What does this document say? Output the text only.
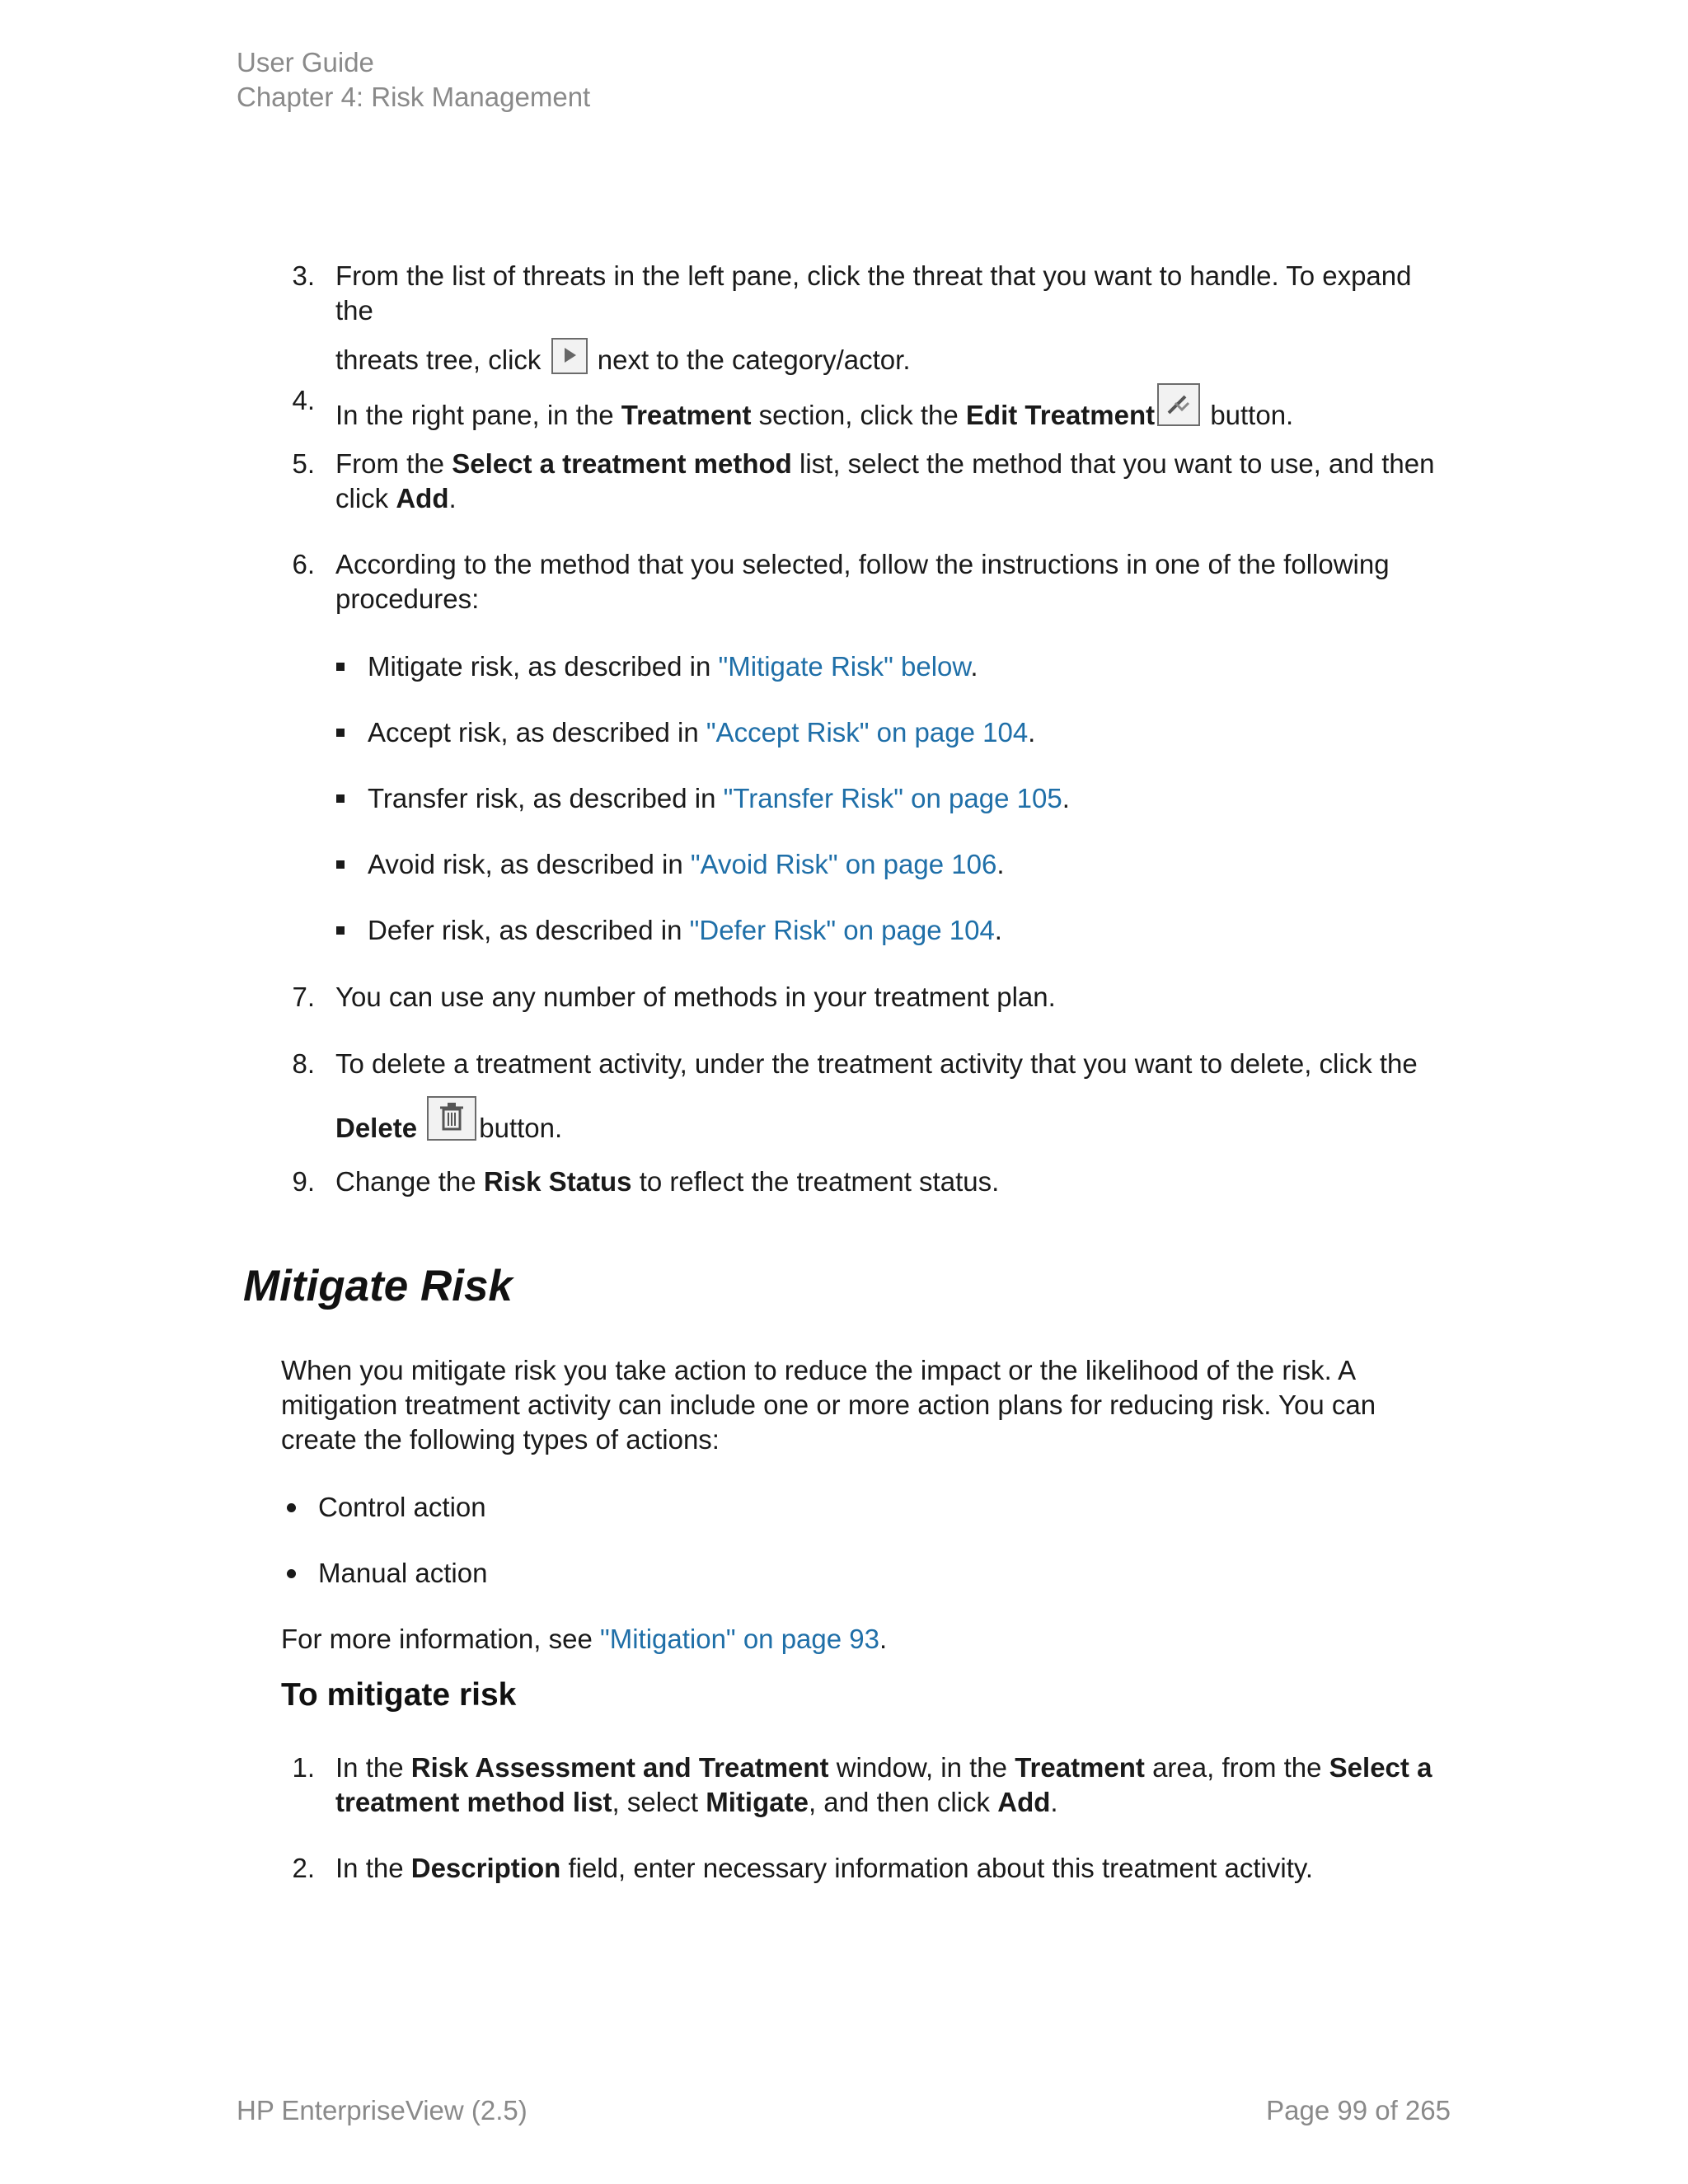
User Guide
Chapter 4: Risk Management
3. From the list of threats in the left pane, click the threat that you want to handle. To expand the
threats tree, click next to the category/actor.
4. In the right pane, in the Treatment section, click the Edit Treatment button.
5. From the Select a treatment method list, select the method that you want to use, and then
click Add.
6. According to the method that you selected, follow the instructions in one of the following
procedures:
Mitigate risk, as described in "Mitigate Risk" below.
Accept risk, as described in "Accept Risk" on page 104.
Transfer risk, as described in "Transfer Risk" on page 105.
Avoid risk, as described in "Avoid Risk" on page 106.
Defer risk, as described in "Defer Risk" on page 104.
7. You can use any number of methods in your treatment plan.
8. To delete a treatment activity, under the treatment activity that you want to delete, click the
Delete button.
9. Change the Risk Status to reflect the treatment status.
Mitigate Risk
When you mitigate risk you take action to reduce the impact or the likelihood of the risk. A mitigation treatment activity can include one or more action plans for reducing risk. You can create the following types of actions:
Control action
Manual action
For more information, see "Mitigation" on page 93.
To mitigate risk
1. In the Risk Assessment and Treatment window, in the Treatment area, from the Select a
treatment method list, select Mitigate, and then click Add.
2. In the Description field, enter necessary information about this treatment activity.
HP EnterpriseView (2.5)	Page 99 of 265
